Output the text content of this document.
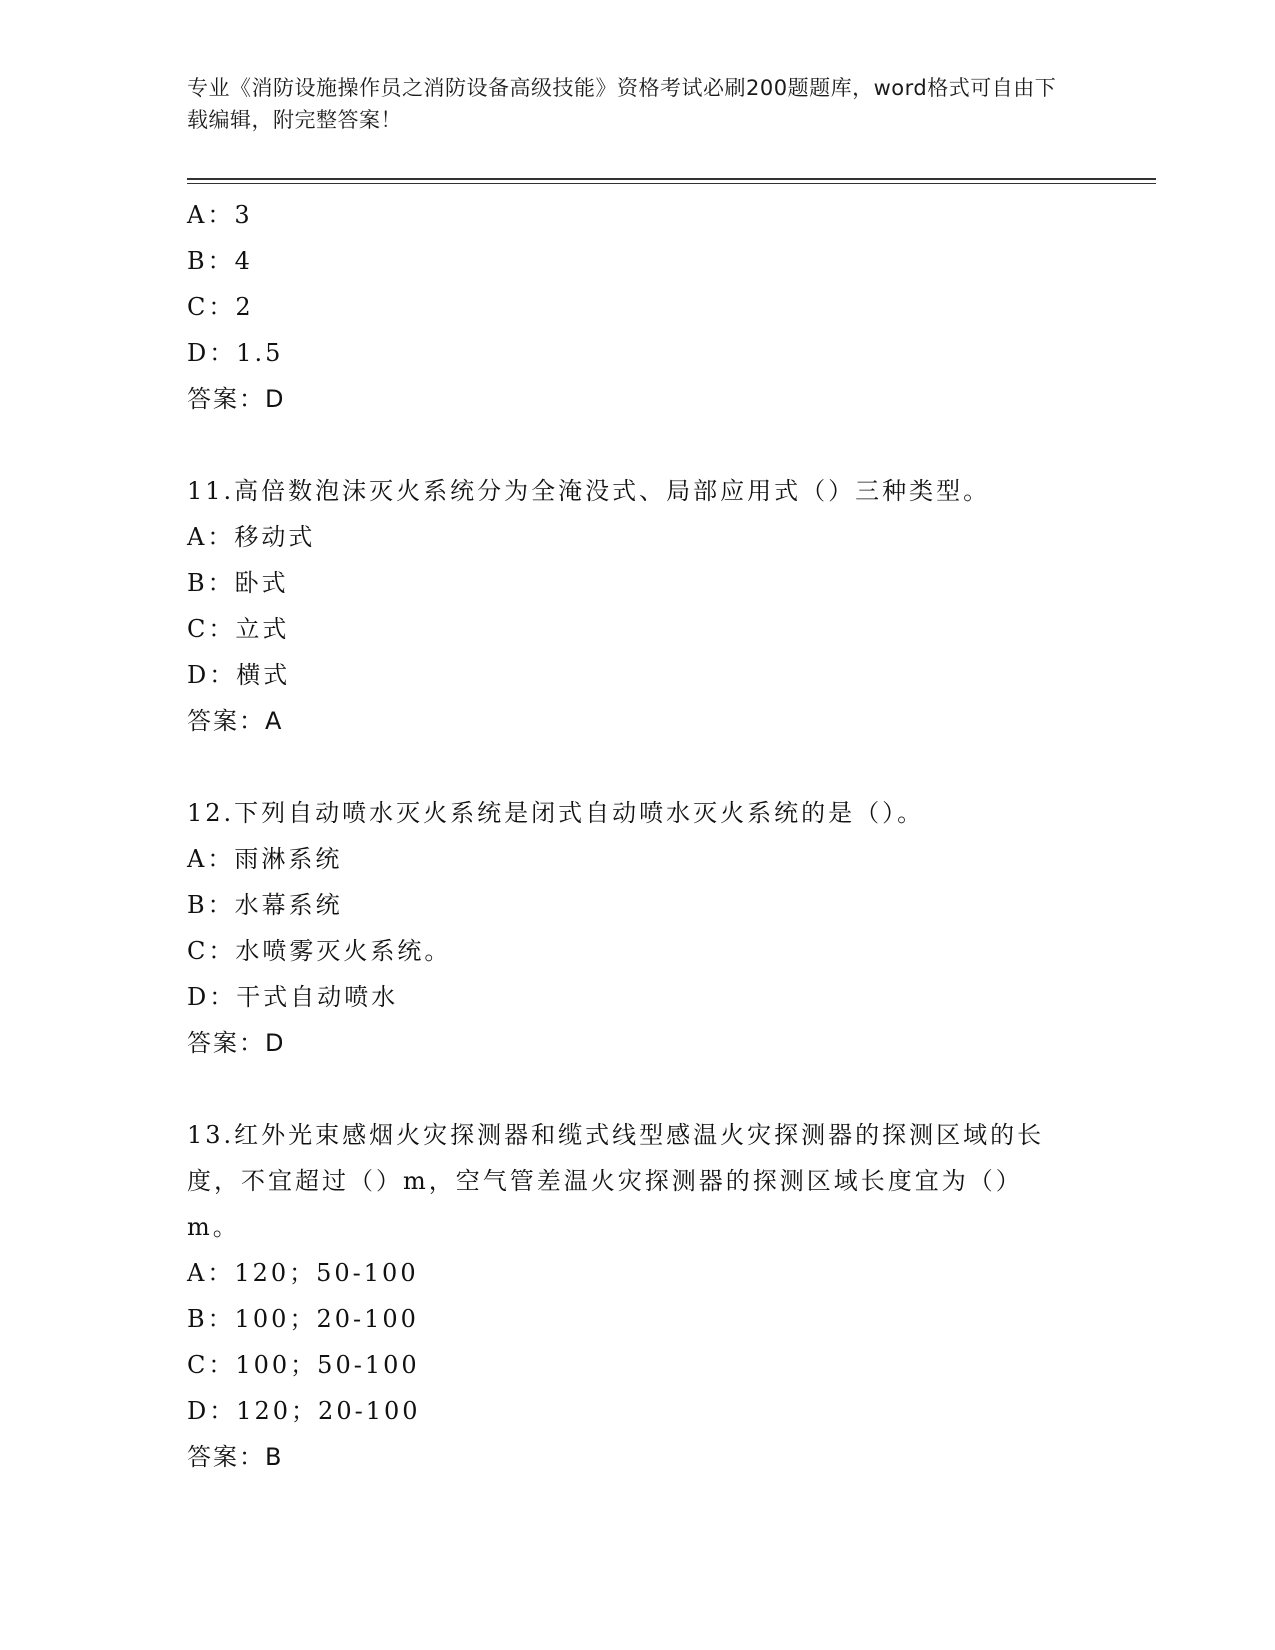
专业《消防设施操作员之消防设备高级技能》资格考试必刷200题题库，word格式可自由下载编辑，附完整答案！
A：3
B：4
C：2
D：1.5
答案：D
11.高倍数泡沫灭火系统分为全淹没式、局部应用式（）三种类型。
A：移动式
B：卧式
C：立式
D：横式
答案：A
12.下列自动喷水灭火系统是闭式自动喷水灭火系统的是（）。
A：雨淋系统
B：水幕系统
C：水喷雾灭火系统。
D：干式自动喷水
答案：D
13.红外光束感烟火灾探测器和缆式线型感温火灾探测器的探测区域的长度，不宜超过（）m，空气管差温火灾探测器的探测区域长度宜为（）m。
A：120；50-100
B：100；20-100
C：100；50-100
D：120；20-100
答案：B
